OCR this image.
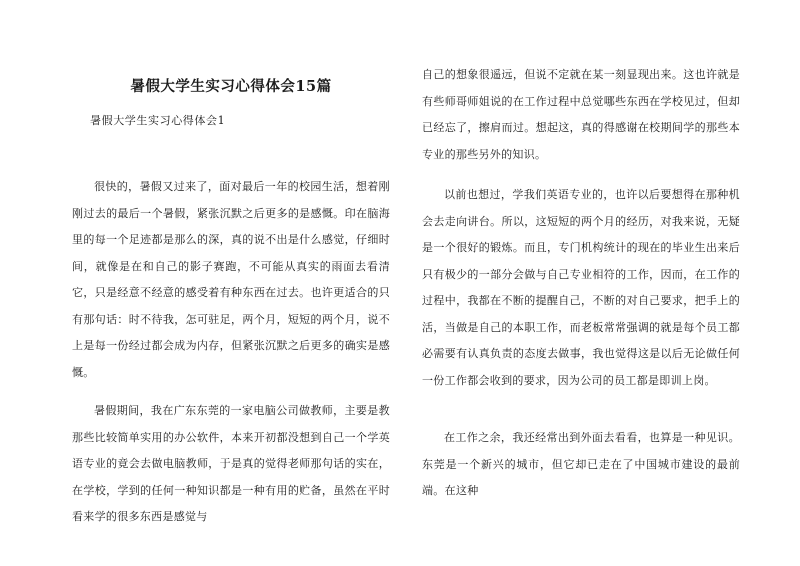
暑假大学生实习心得体会15篇

暑假大学生实习心得体会1

很快的，暑假又过来了，面对最后一年的校园生活，想着刚刚过去的最后一个暑假，紧张沉默之后更多的是感慨。印在脑海里的每一个足迹都是那么的深，真的说不出是什么感觉，仔细时间，就像是在和自己的影子赛跑，不可能从真实的雨面去看清它，只是经意不经意的感受着有种东西在过去。也许更适合的只有那句话：时不待我，怎可驻足，两个月，短短的两个月，说不上是每一份经过都会成为内存，但紧张沉默之后更多的确实是感慨。

暑假期间，我在广东东莞的一家电脑公司做教师，主要是教那些比较简单实用的办公软件，本来开初都没想到自己一个学英语专业的竟会去做电脑教师，于是真的觉得老师那句话的实在，在学校，学到的任何一种知识都是一种有用的贮备，虽然在平时看来学的很多东西是感觉与

自己的想象很遥远，但说不定就在某一刻显现出来。这也许就是有些师哥师姐说的在工作过程中总觉哪些东西在学校见过，但却已经忘了，擦肩而过。想起这，真的得感谢在校期间学的那些本专业的那些另外的知识。

以前也想过，学我们英语专业的，也许以后要想得在那种机会去走向讲台。所以，这短短的两个月的经历，对我来说，无疑是一个很好的锻炼。而且，专门机构统计的现在的毕业生出来后只有极少的一部分会做与自己专业相符的工作，因而，在工作的过程中，我都在不断的提醒自己，不断的对自己要求，把手上的活，当做是自己的本职工作，而老板常常强调的就是每个员工都必需要有认真负责的态度去做事，我也觉得这是以后无论做任何一份工作都会收到的要求，因为公司的员工都是即训上岗。

在工作之余，我还经常出到外面去看看，也算是一种见识。东莞是一个新兴的城市，但它却已走在了中国城市建设的最前端。在这种
